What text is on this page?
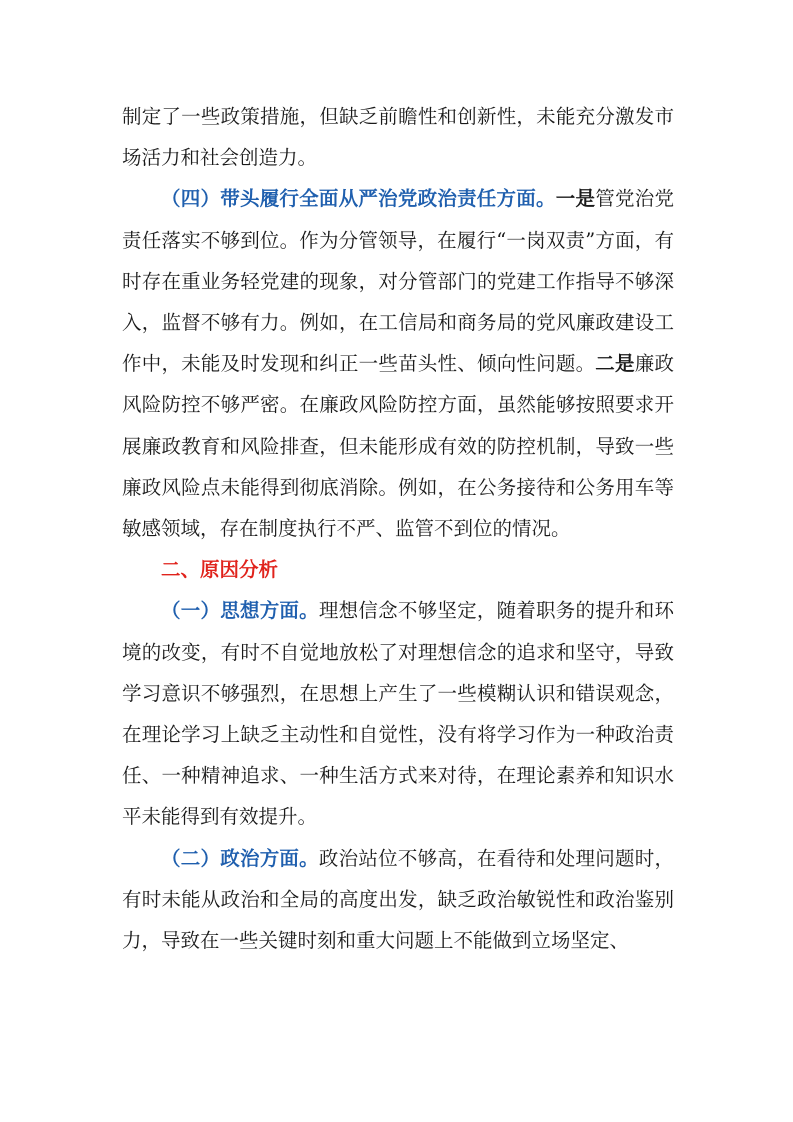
制定了一些政策措施，但缺乏前瞻性和创新性，未能充分激发市场活力和社会创造力。

（四）带头履行全面从严治党政治责任方面。一是管党治党责任落实不够到位。作为分管领导，在履行“一岗双责”方面，有时存在重业务轻党建的现象，对分管部门的党建工作指导不够深入，监督不够有力。例如，在工信局和商务局的党风廉政建设工作中，未能及时发现和纠正一些苗头性、倾向性问题。二是廉政风险防控不够严密。在廉政风险防控方面，虽然能够按照要求开展廉政教育和风险排查，但未能形成有效的防控机制，导致一些廉政风险点未能得到彻底消除。例如，在公务接待和公务用车等敏感领域，存在制度执行不严、监管不到位的情况。

二、原因分析

（一）思想方面。理想信念不够坚定，随着职务的提升和环境的改变，有时不自觉地放松了对理想信念的追求和坚守，导致学习意识不够强烈，在思想上产生了一些模糊认识和错误观念，在理论学习上缺乏主动性和自觉性，没有将学习作为一种政治责任、一种精神追求、一种生活方式来对待，在理论素养和知识水平未能得到有效提升。

（二）政治方面。政治站位不够高，在看待和处理问题时，有时未能从政治和全局的高度出发，缺乏政治敏锐性和政治鉴别力，导致在一些关键时刻和重大问题上不能做到立场坚定、
